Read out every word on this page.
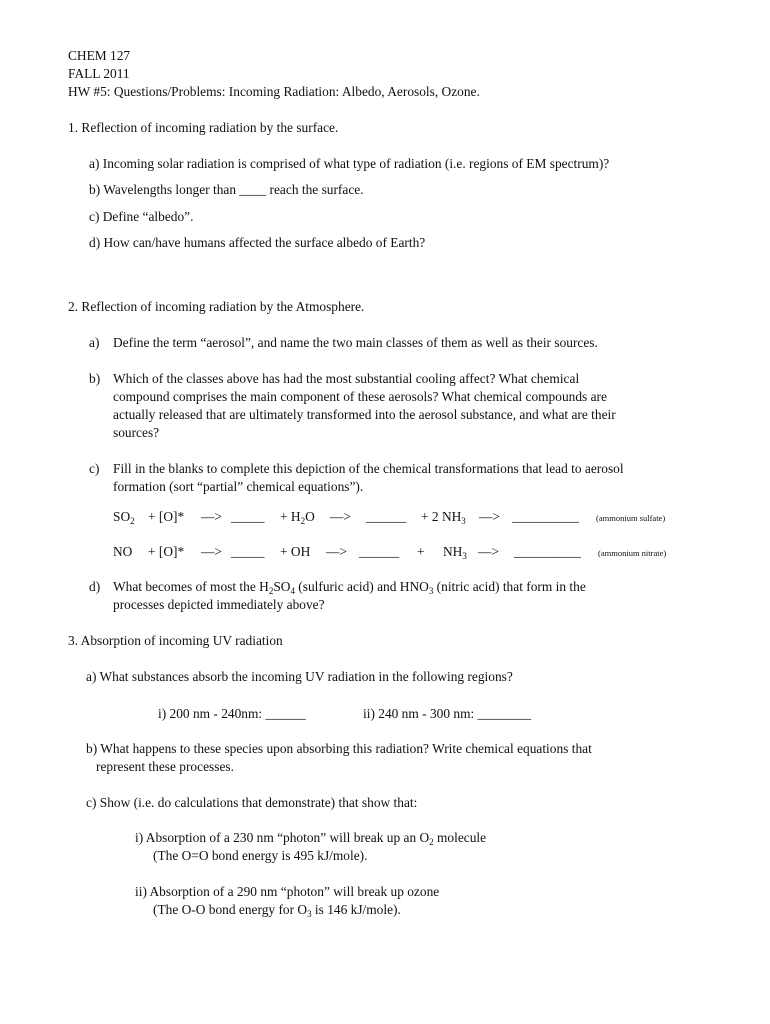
CHEM 127
FALL 2011
HW #5: Questions/Problems: Incoming Radiation: Albedo, Aerosols, Ozone.
1. Reflection of incoming radiation by the surface.
a) Incoming solar radiation is comprised of what type of radiation (i.e. regions of EM spectrum)?
b) Wavelengths longer than ____ reach the surface.
c) Define “albedo”.
d) How can/have humans affected the surface albedo of Earth?
2. Reflection of incoming radiation by the Atmosphere.
a) Define the term “aerosol”, and name the two main classes of them as well as their sources.
b) Which of the classes above has had the most substantial cooling affect? What chemical
compound comprises the main component of these aerosols? What chemical compounds are
actually released that are ultimately transformed into the aerosol substance, and what are their
sources?
c) Fill in the blanks to complete this depiction of the chemical transformations that lead to aerosol
formation (sort “partial” chemical equations”).
$SO_2 + [O]*$ —> _____ + $H_2O$ —> ______ + 2 $NH_3$ —> __________ (ammonium sulfate)
NO + [O]* —> _____ + OH —> ______ + $NH_3$ —> __________ (ammonium nitrate)
d) What becomes of most the $H_2SO_4$ (sulfuric acid) and $HNO_3$ (nitric acid) that form in the
processes depicted immediately above?
3. Absorption of incoming UV radiation
a) What substances absorb the incoming UV radiation in the following regions?
i) 200 nm - 240nm: ______	ii) 240 nm - 300 nm: ________
b) What happens to these species upon absorbing this radiation? Write chemical equations that
represent these processes.
c) Show (i.e. do calculations that demonstrate) that show that:
i) Absorption of a 230 nm “photon” will break up an $O_2$ molecule
(The O=O bond energy is 495 kJ/mole).
ii) Absorption of a 290 nm “photon” will break up ozone
(The O-O bond energy for $O_3$ is 146 kJ/mole).
